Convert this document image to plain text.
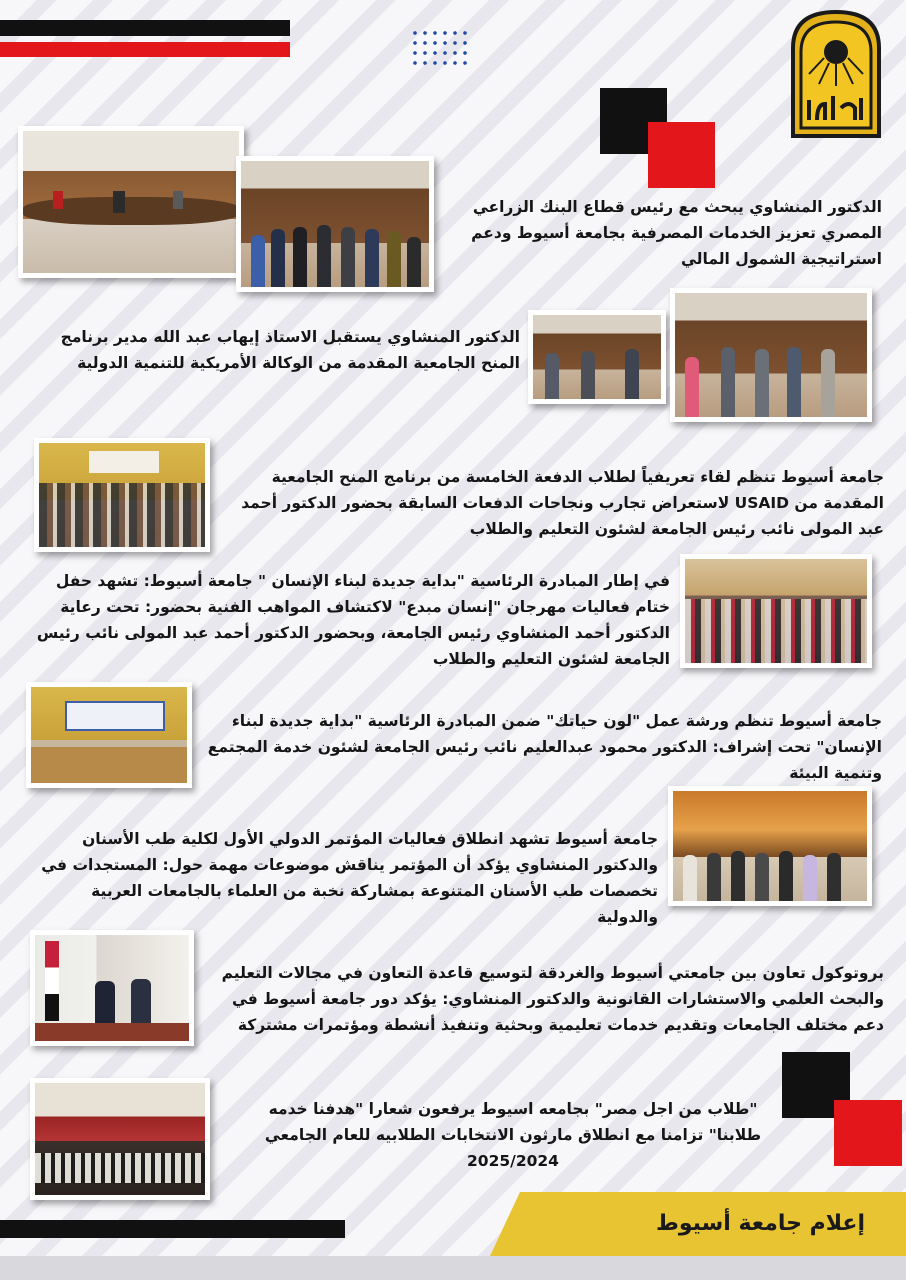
الدكتور المنشاوي يبحث مع رئيس قطاع البنك الزراعي المصري تعزيز الخدمات المصرفية بجامعة أسيوط ودعم استراتيجية الشمول المالي
الدكتور المنشاوي يستقبل الاستاذ إيهاب عبد الله مدير برنامج المنح الجامعية المقدمة من الوكالة الأمريكية للتنمية الدولية
جامعة أسيوط تنظم لقاء تعريفياً لطلاب الدفعة الخامسة من برنامج المنح الجامعية المقدمة من USAID لاستعراض تجارب ونجاحات الدفعات السابقة بحضور الدكتور أحمد عبد المولى نائب رئيس الجامعة لشئون التعليم والطلاب
في إطار المبادرة الرئاسية "بداية جديدة لبناء الإنسان " جامعة أسيوط: تشهد حفل ختام فعاليات مهرجان "إنسان مبدع" لاكتشاف المواهب الفنية بحضور: تحت رعاية الدكتور أحمد المنشاوي رئيس الجامعة، وبحضور الدكتور أحمد عبد المولى نائب رئيس الجامعة لشئون التعليم والطلاب
جامعة أسيوط تنظم ورشة عمل "لون حياتك" ضمن المبادرة الرئاسية "بداية جديدة لبناء الإنسان" تحت إشراف: الدكتور محمود عبدالعليم نائب رئيس الجامعة لشئون خدمة المجتمع وتنمية البيئة
جامعة أسيوط تشهد انطلاق فعاليات المؤتمر الدولي الأول لكلية طب الأسنان والدكتور المنشاوي يؤكد أن المؤتمر يناقش موضوعات مهمة حول: المستجدات في تخصصات طب الأسنان المتنوعة بمشاركة نخبة من العلماء بالجامعات العربية والدولية
بروتوكول تعاون بين جامعتي أسيوط والغردقة لتوسيع قاعدة التعاون في مجالات التعليم والبحث العلمي والاستشارات القانونية والدكتور المنشاوي: يؤكد دور جامعة أسيوط في دعم مختلف الجامعات وتقديم خدمات تعليمية وبحثية وتنفيذ أنشطة ومؤتمرات مشتركة
"طلاب من اجل مصر" بجامعه اسيوط يرفعون شعارا "هدفنا خدمه طلابنا" تزامنا مع انطلاق مارثون الانتخابات الطلابيه للعام الجامعي 2025/2024
إعلام جامعة أسيوط
